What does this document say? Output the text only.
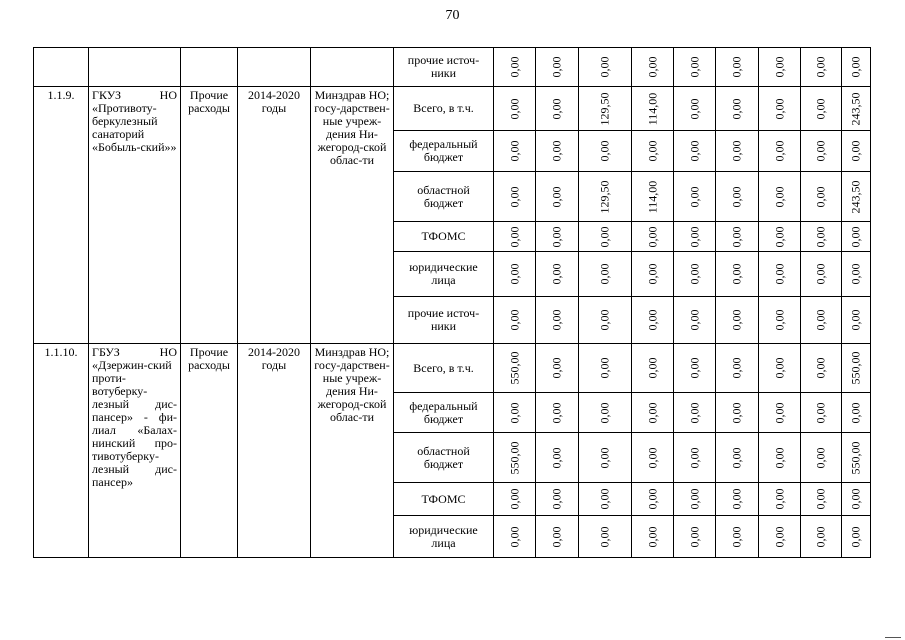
70
					прочие источ- ники	0,00	0,00	0,00	0,00	0,00	0,00	0,00	0,00	0,00

1.1.9.	ГКУЗ НО «Противоту-беркулезный санаторий «Бобыль-ский»»	Прочие расходы	2014-2020 годы	Минздрав НО; госу-дарствен-ные учреж-дения Ни-жегород-ской облас-ти	Всего, в т.ч.	0,00	0,00	129,50	114,00	0,00	0,00	0,00	0,00	243,50

					федеральный бюджет	0,00	0,00	0,00	0,00	0,00	0,00	0,00	0,00	0,00

					областной бюджет	0,00	0,00	129,50	114,00	0,00	0,00	0,00	0,00	243,50

					ТФОМС	0,00	0,00	0,00	0,00	0,00	0,00	0,00	0,00	0,00

					юридические лица	0,00	0,00	0,00	0,00	0,00	0,00	0,00	0,00	0,00

					прочие источ-ники	0,00	0,00	0,00	0,00	0,00	0,00	0,00	0,00	0,00

1.1.10.	ГБУЗ НО «Дзержин-ский проти-вотуберку-лезный дис-пансер» - фи-лиал «Балах-нинский про-тивотуберку-лезный дис-пансер»	Прочие расходы	2014-2020 годы	Минздрав НО; госу-дарствен-ные учреж-дения Ни-жегород-ской облас-ти	Всего, в т.ч.	550,00	0,00	0,00	0,00	0,00	0,00	0,00	0,00	550,00

					федеральный бюджет	0,00	0,00	0,00	0,00	0,00	0,00	0,00	0,00	0,00

					областной бюджет	550,00	0,00	0,00	0,00	0,00	0,00	0,00	0,00	550,00

					ТФОМС	0,00	0,00	0,00	0,00	0,00	0,00	0,00	0,00	0,00

					юридические лица	0,00	0,00	0,00	0,00	0,00	0,00	0,00	0,00	0,00
